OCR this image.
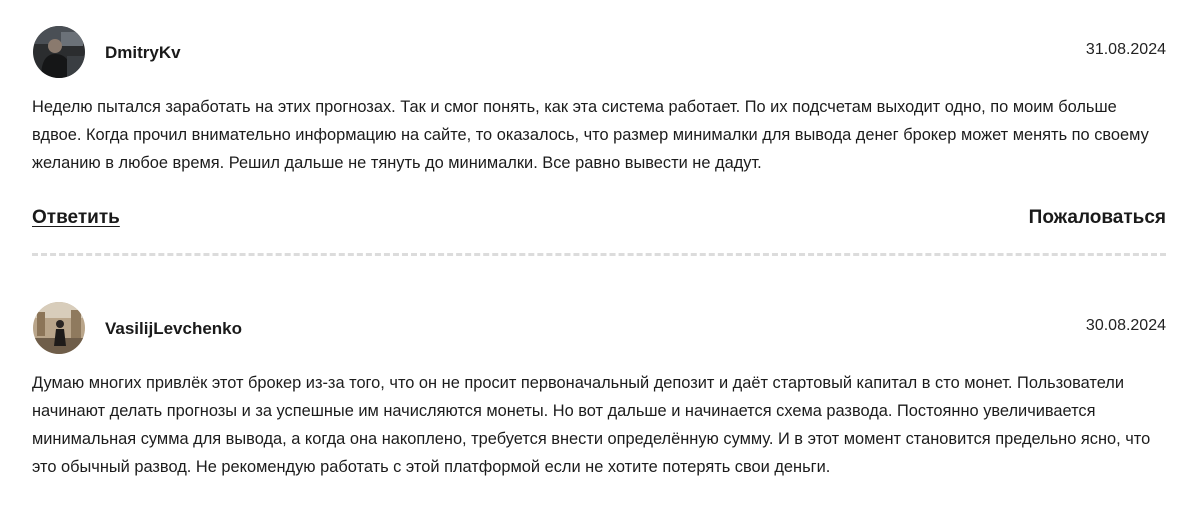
DmitryKv	31.08.2024

Неделю пытался заработать на этих прогнозах. Так и смог понять, как эта система работает. По их подсчетам выходит одно, по моим больше вдвое. Когда прочил внимательно информацию на сайте, то оказалось, что размер минималки для вывода денег брокер может менять по своему желанию в любое время. Решил дальше не тянуть до минималки. Все равно вывести не дадут.

Ответить	Пожаловаться
VasilijLevchenko	30.08.2024

Думаю многих привлёк этот брокер из-за того, что он не просит первоначальный депозит и даёт стартовый капитал в сто монет. Пользователи начинают делать прогнозы и за успешные им начисляются монеты. Но вот дальше и начинается схема развода. Постоянно увеличивается минимальная сумма для вывода, а когда она накоплено, требуется внести определённую сумму. И в этот момент становится предельно ясно, что это обычный развод. Не рекомендую работать с этой платформой если не хотите потерять свои деньги.
